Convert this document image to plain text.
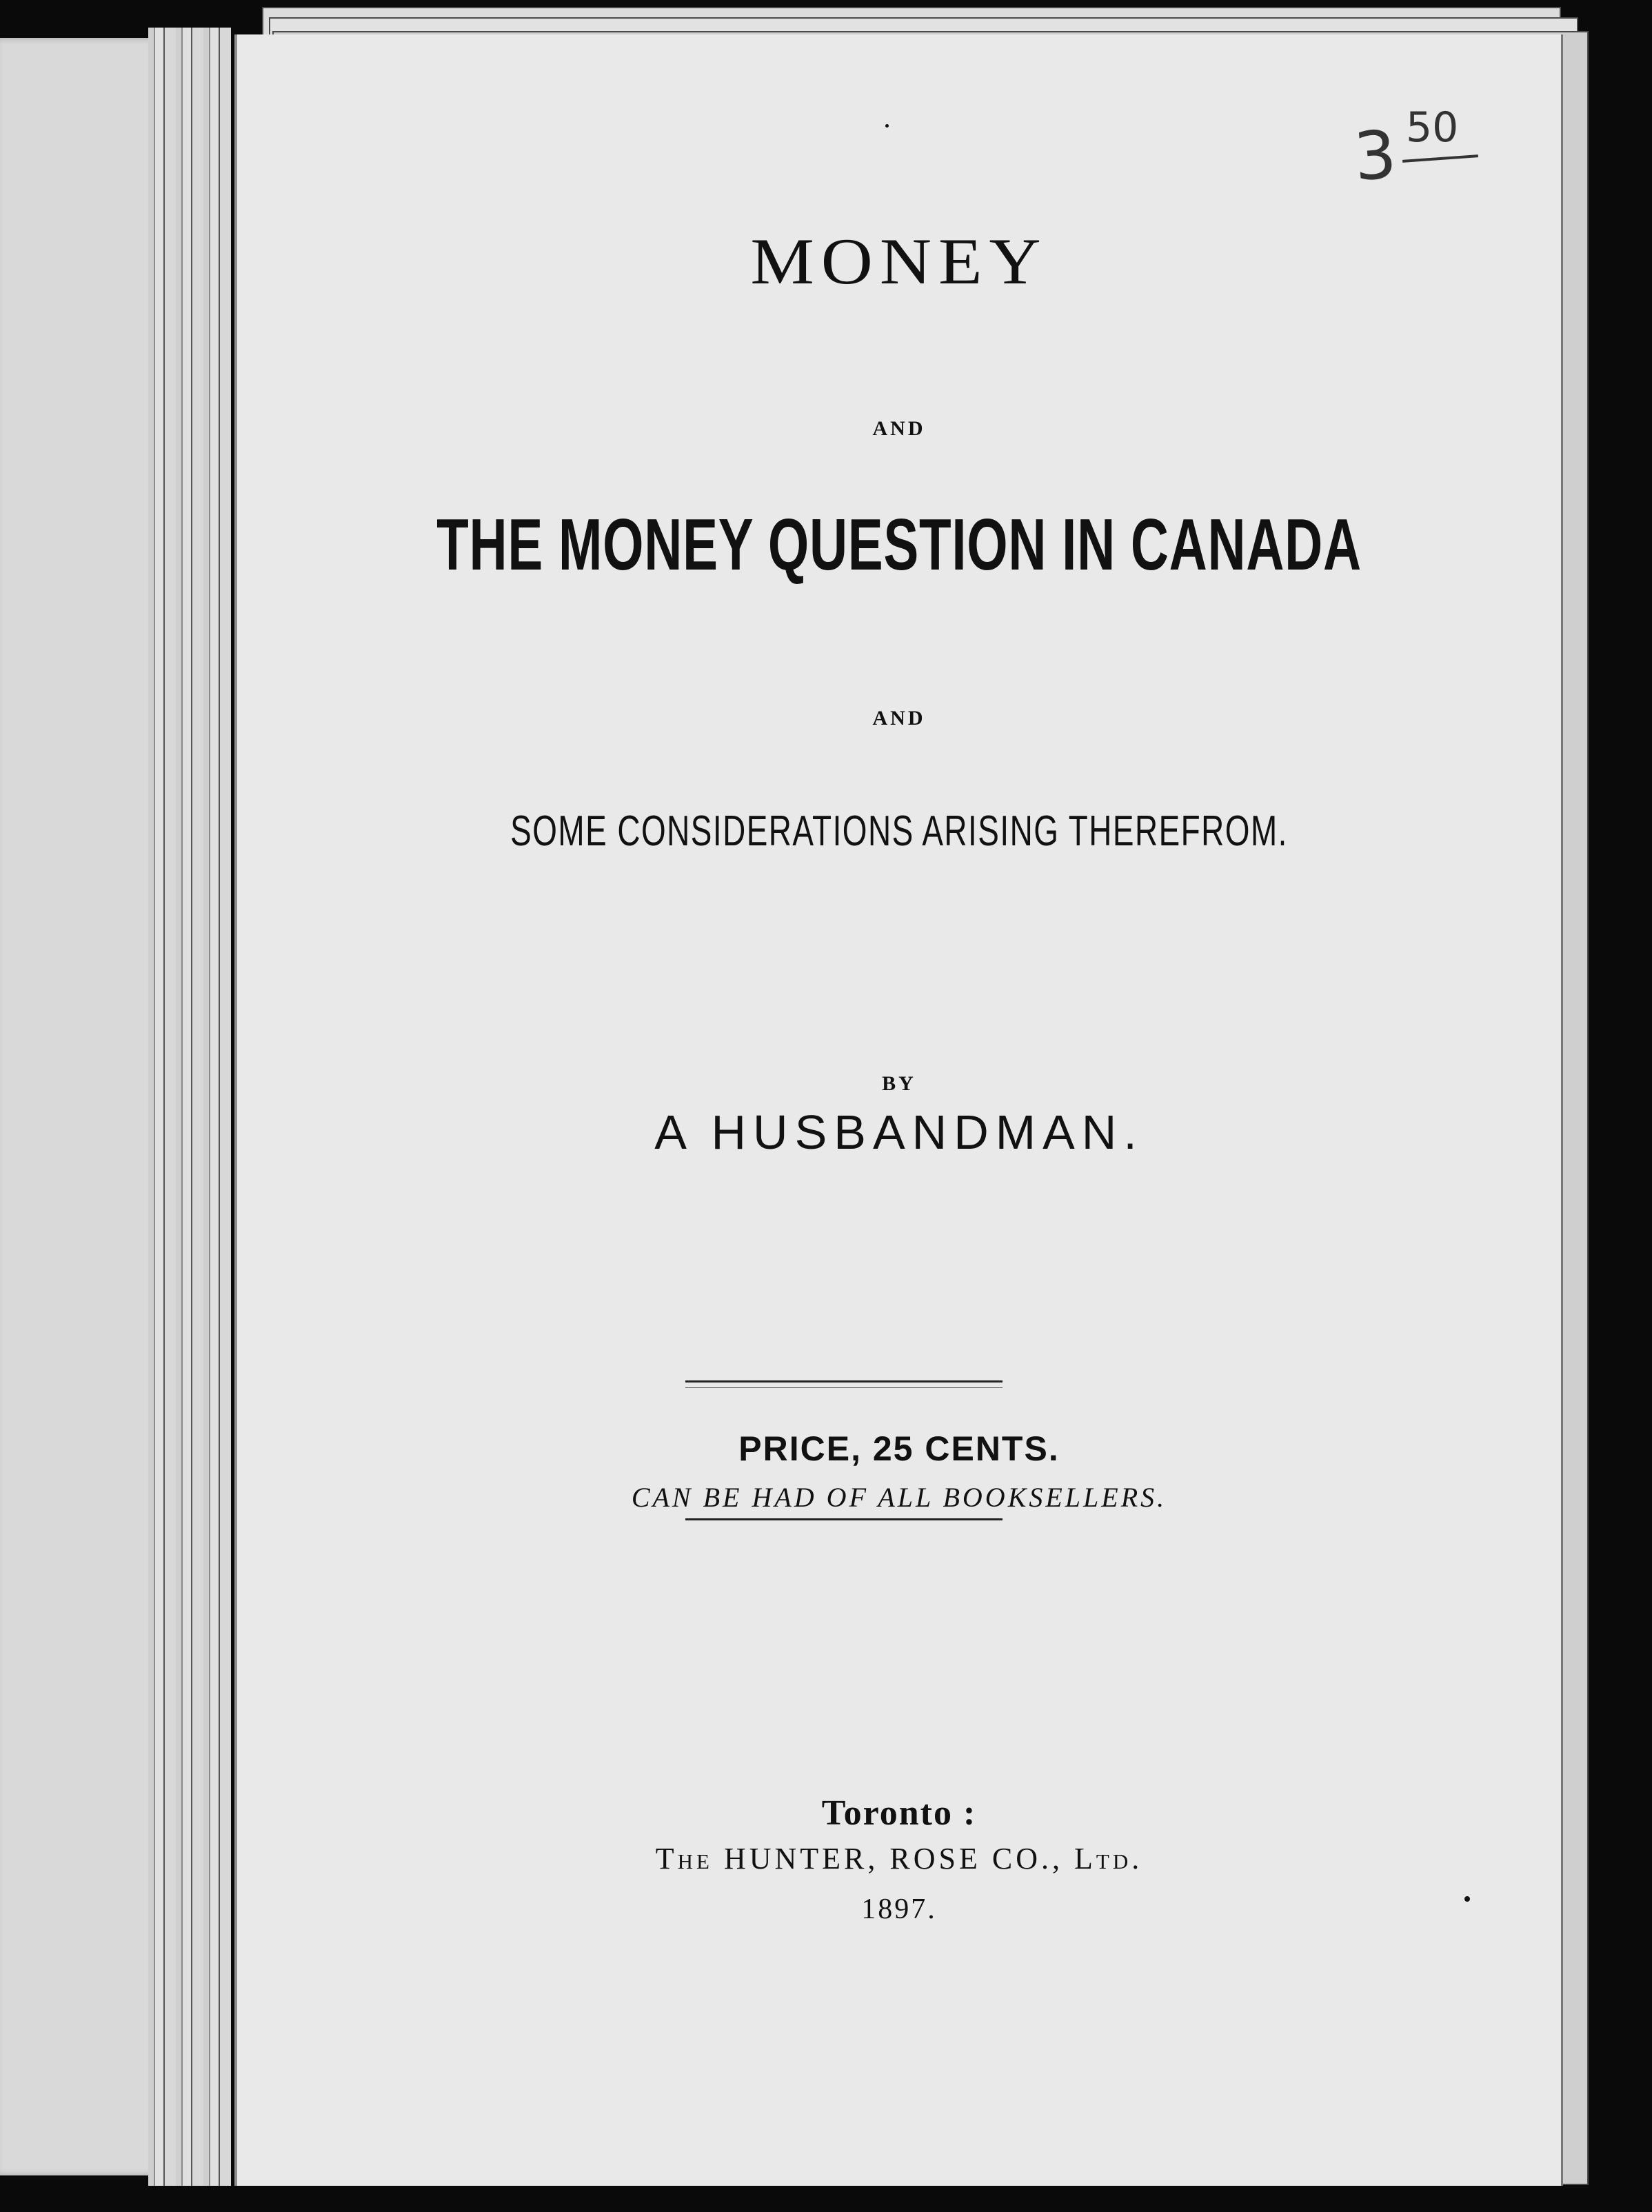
3 50
MONEY
AND
THE MONEY QUESTION IN CANADA
AND
SOME CONSIDERATIONS ARISING THEREFROM.
BY
A HUSBANDMAN.
PRICE, 25 CENTS.
CAN BE HAD OF ALL BOOKSELLERS.
Toronto :
The HUNTER, ROSE CO., Ltd.
1897.
